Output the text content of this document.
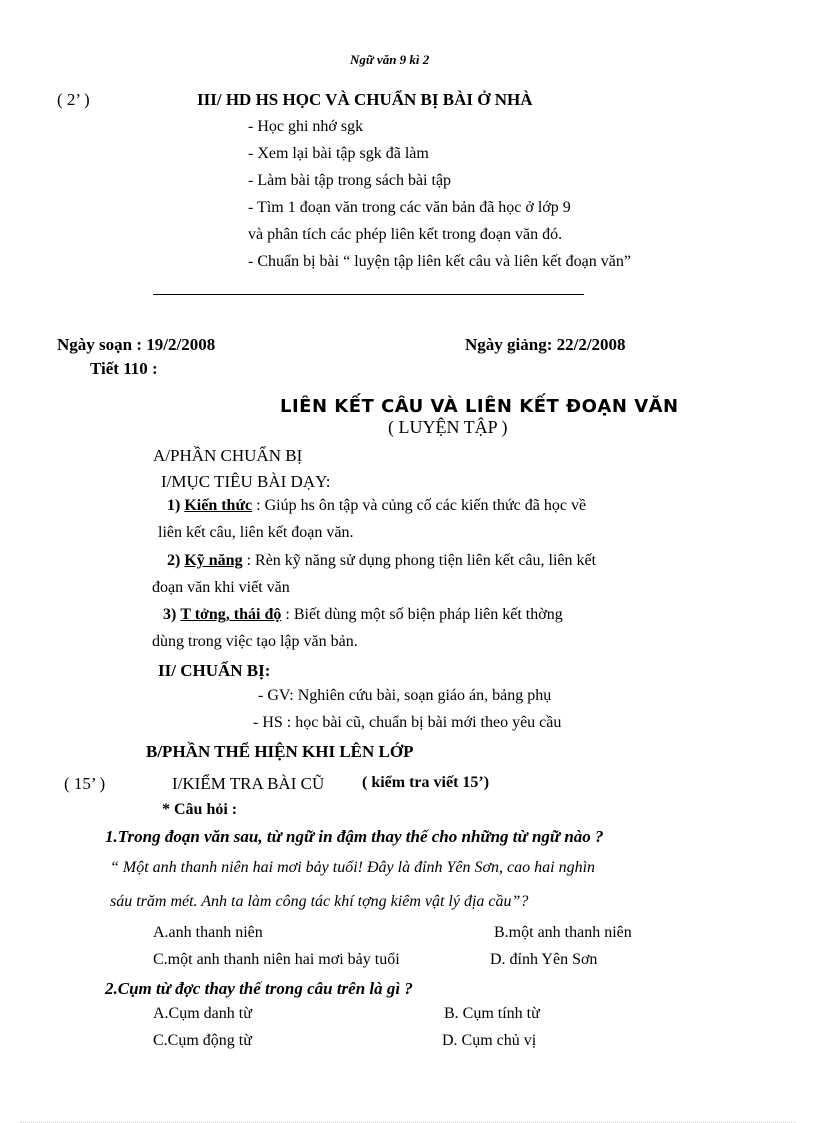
Ngữ văn 9 kì 2
( 2’ )	III/ HD HS HỌC VÀ CHUẨN BỊ BÀI Ở NHÀ
- Học ghi nhớ sgk
- Xem lại bài tập sgk đã làm
- Làm bài tập trong sách bài tập
- Tìm 1 đoạn văn trong các văn bản đã học ở lớp 9
và phân tích các phép liên kết trong đoạn văn đó.
- Chuẩn bị bài “ luyện tập liên kết câu và liên kết đoạn văn”
Ngày soạn : 19/2/2008	Ngày giảng: 22/2/2008
Tiết 110 :
LIÊN KẾT CÂU VÀ LIÊN KẾT ĐOẠN VĂN
( LUYỆN TẬP )
A/PHẦN CHUẨN BỊ
I/MỤC TIÊU BÀI DẠY:
1) Kiến thức : Giúp hs ôn tập và củng cố các kiến thức đã học về
liên kết câu, liên kết đoạn văn.
2) Kỹ năng : Rèn kỹ năng sử dụng phong tiện liên kết câu, liên kết
đoạn văn khi viết văn
3) T tởng, thái độ : Biết dùng một số biện pháp liên kết thờng
dùng trong việc tạo lập văn bản.
II/ CHUẨN BỊ:
- GV: Nghiên cứu bài, soạn giáo án, bảng phụ
- HS : học bài cũ, chuẩn bị bài mới theo yêu cầu
B/PHẦN THỂ HIỆN KHI LÊN LỚP
( 15’ )	I/KIỂM TRA BÀI CŨ ( kiểm tra viết 15’)
* Câu hỏi :
1.Trong đoạn văn sau, từ ngữ in đậm thay thế cho những từ ngữ nào ?
“ Một anh thanh niên hai mơi bảy tuổi! Đây là đỉnh Yên Sơn, cao hai nghìn
sáu trăm mét. Anh ta làm công tác khí tợng kiêm vật lý địa cầu”?
A.anh thanh niên	B.một anh thanh niên
C.một anh thanh niên hai mơi bảy tuổi	D. đỉnh Yên Sơn
2.Cụm từ đợc thay thế trong câu trên là gì ?
A.Cụm danh từ	B. Cụm tính từ
C.Cụm động từ	D. Cụm chủ vị
